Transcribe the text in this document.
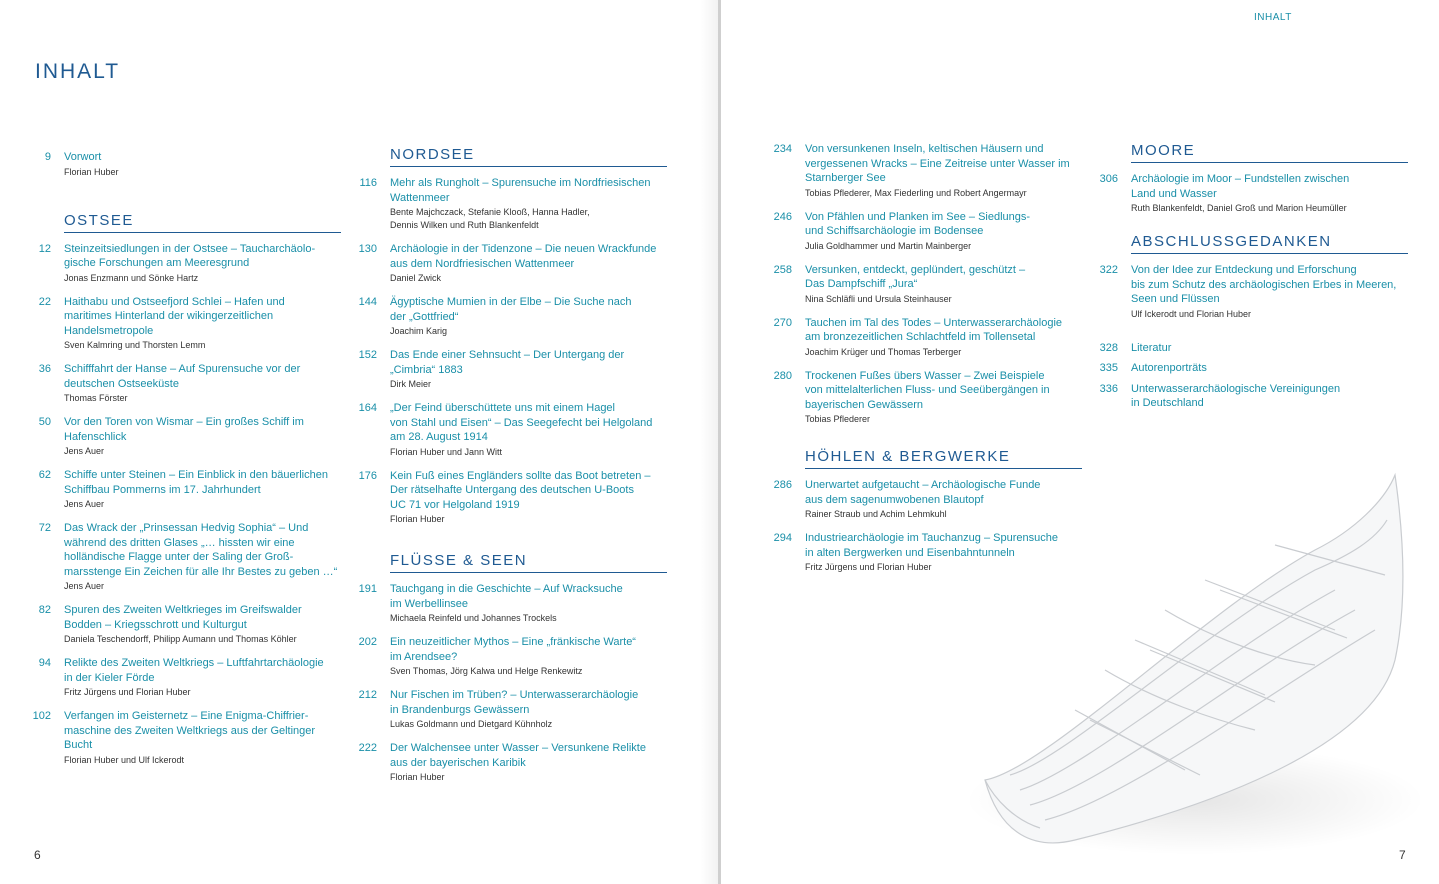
INHALT
INHALT
9 Vorwort
Florian Huber
OSTSEE
12 Steinzeitsiedlungen in der Ostsee – Taucharchäolo-
gische Forschungen am Meeresgrund
Jonas Enzmann und Sönke Hartz
22 Haithabu und Ostseefjord Schlei – Hafen und
maritimes Hinterland der wikingerzeitlichen
Handelsmetropole
Sven Kalmring und Thorsten Lemm
36 Schifffahrt der Hanse – Auf Spurensuche vor der
deutschen Ostseeküste
Thomas Förster
50 Vor den Toren von Wismar – Ein großes Schiff im
Hafenschlick
Jens Auer
62 Schiffe unter Steinen – Ein Einblick in den bäuerlichen
Schiffbau Pommerns im 17. Jahrhundert
Jens Auer
72 Das Wrack der „Prinsessan Hedvig Sophia“ – Und
während des dritten Glases „… hissten wir eine
holländische Flagge unter der Saling der Groß-
marsstenge Ein Zeichen für alle Ihr Bestes zu geben …“
Jens Auer
82 Spuren des Zweiten Weltkrieges im Greifswalder
Bodden – Kriegsschrott und Kulturgut
Daniela Teschendorff, Philipp Aumann und Thomas Köhler
94 Relikte des Zweiten Weltkriegs – Luftfahrtarchäologie
in der Kieler Förde
Fritz Jürgens und Florian Huber
102 Verfangen im Geisternetz – Eine Enigma-Chiffrier-
maschine des Zweiten Weltkriegs aus der Geltinger
Bucht
Florian Huber und Ulf Ickerodt
NORDSEE
116 Mehr als Rungholt – Spurensuche im Nordfriesischen
Wattenmeer
Bente Majchczack, Stefanie Klooß, Hanna Hadler,
Dennis Wilken und Ruth Blankenfeldt
130 Archäologie in der Tidenzone – Die neuen Wrackfunde
aus dem Nordfriesischen Wattenmeer
Daniel Zwick
144 Ägyptische Mumien in der Elbe – Die Suche nach
der „Gottfried“
Joachim Karig
152 Das Ende einer Sehnsucht – Der Untergang der
„Cimbria“ 1883
Dirk Meier
164 „Der Feind überschüttete uns mit einem Hagel
von Stahl und Eisen“ – Das Seegefecht bei Helgoland
am 28. August 1914
Florian Huber und Jann Witt
176 Kein Fuß eines Engländers sollte das Boot betreten –
Der rätselhafte Untergang des deutschen U-Boots
UC 71 vor Helgoland 1919
Florian Huber
FLÜSSE & SEEN
191 Tauchgang in die Geschichte – Auf Wracksuche
im Werbellinsee
Michaela Reinfeld und Johannes Trockels
202 Ein neuzeitlicher Mythos – Eine „fränkische Warte“
im Arendsee?
Sven Thomas, Jörg Kalwa und Helge Renkewitz
212 Nur Fischen im Trüben? – Unterwasserarchäologie
in Brandenburgs Gewässern
Lukas Goldmann und Dietgard Kühnholz
222 Der Walchensee unter Wasser – Versunkene Relikte
aus der bayerischen Karibik
Florian Huber
234 Von versunkenen Inseln, keltischen Häusern und
vergessenen Wracks – Eine Zeitreise unter Wasser im
Starnberger See
Tobias Pflederer, Max Fiederling und Robert Angermayr
246 Von Pfählen und Planken im See – Siedlungs-
und Schiffsarchäologie im Bodensee
Julia Goldhammer und Martin Mainberger
258 Versunken, entdeckt, geplündert, geschützt –
Das Dampfschiff „Jura“
Nina Schläfli und Ursula Steinhauser
270 Tauchen im Tal des Todes – Unterwasserarchäologie
am bronzezeitlichen Schlachtfeld im Tollensetal
Joachim Krüger und Thomas Terberger
280 Trockenen Fußes übers Wasser – Zwei Beispiele
von mittelalterlichen Fluss- und Seeübergängen in
bayerischen Gewässern
Tobias Pflederer
HÖHLEN & BERGWERKE
286 Unerwartet aufgetaucht – Archäologische Funde
aus dem sagenumwobenen Blautopf
Rainer Straub und Achim Lehmkuhl
294 Industriearchäologie im Tauchanzug – Spurensuche
in alten Bergwerken und Eisenbahntunneln
Fritz Jürgens und Florian Huber
MOORE
306 Archäologie im Moor – Fundstellen zwischen
Land und Wasser
Ruth Blankenfeldt, Daniel Groß und Marion Heumüller
ABSCHLUSSGEDANKEN
322 Von der Idee zur Entdeckung und Erforschung
bis zum Schutz des archäologischen Erbes in Meeren,
Seen und Flüssen
Ulf Ickerodt und Florian Huber
328 Literatur
335 Autorenporträts
336 Unterwasserarchäologische Vereinigungen
in Deutschland
6	7
